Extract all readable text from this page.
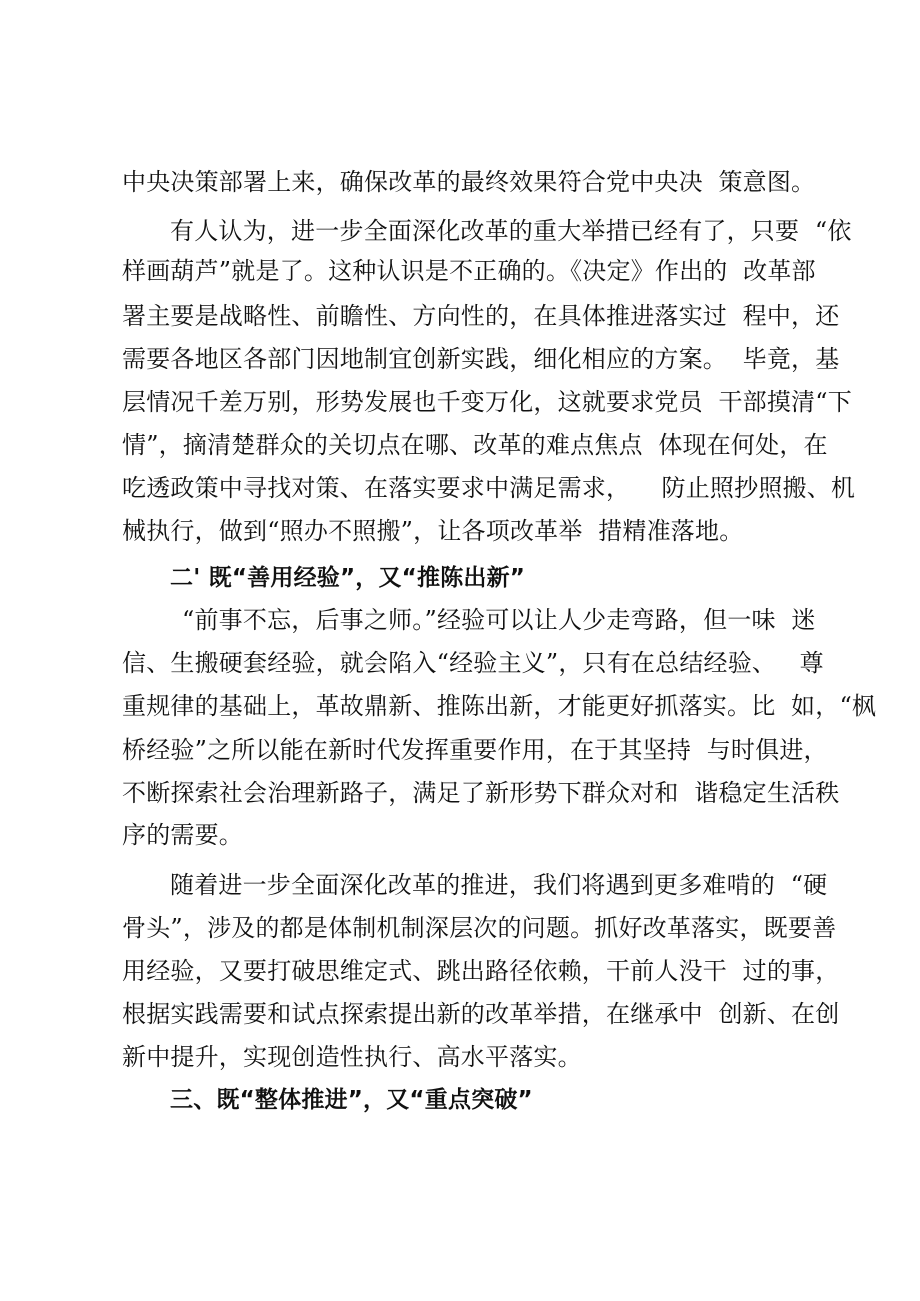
中央决策部署上来，确保改革的最终效果符合党中央决  策意图。
有人认为，进一步全面深化改革的重大举措已经有了，只要  “依
样画葫芦”就是了。这种认识是不正确的。《决定》作出的  改革部
署主要是战略性、前瞻性、方向性的，在具体推进落实过  程中，还
需要各地区各部门因地制宜创新实践，细化相应的方案。  毕竟，基
层情况千差万别，形势发展也千变万化，这就要求党员  干部摸清“下
情”，摘清楚群众的关切点在哪、改革的难点焦点  体现在何处，在
吃透政策中寻找对策、在落实要求中满足需求，    防止照抄照搬、机
械执行，做到“照办不照搬”，让各项改革举  措精准落地。
二' 既“善用经验”，又“推陈出新”
“前事不忘，后事之师。”经验可以让人少走弯路，但一味  迷
信、生搬硬套经验，就会陷入“经验主义”，只有在总结经验、   尊
重规律的基础上，革故鼎新、推陈出新，才能更好抓落实。比  如，“枫
桥经验”之所以能在新时代发挥重要作用，在于其坚持  与时俱进，
不断探索社会治理新路子，满足了新形势下群众对和  谐稳定生活秩
序的需要。
随着进一步全面深化改革的推进，我们将遇到更多难啃的  “硬
骨头”，涉及的都是体制机制深层次的问题。抓好改革落实，既要善
用经验，又要打破思维定式、跳出路径依赖，干前人没干  过的事，
根据实践需要和试点探索提出新的改革举措，在继承中  创新、在创
新中提升，实现创造性执行、高水平落实。
三、既“整体推进”，又“重点突破”
